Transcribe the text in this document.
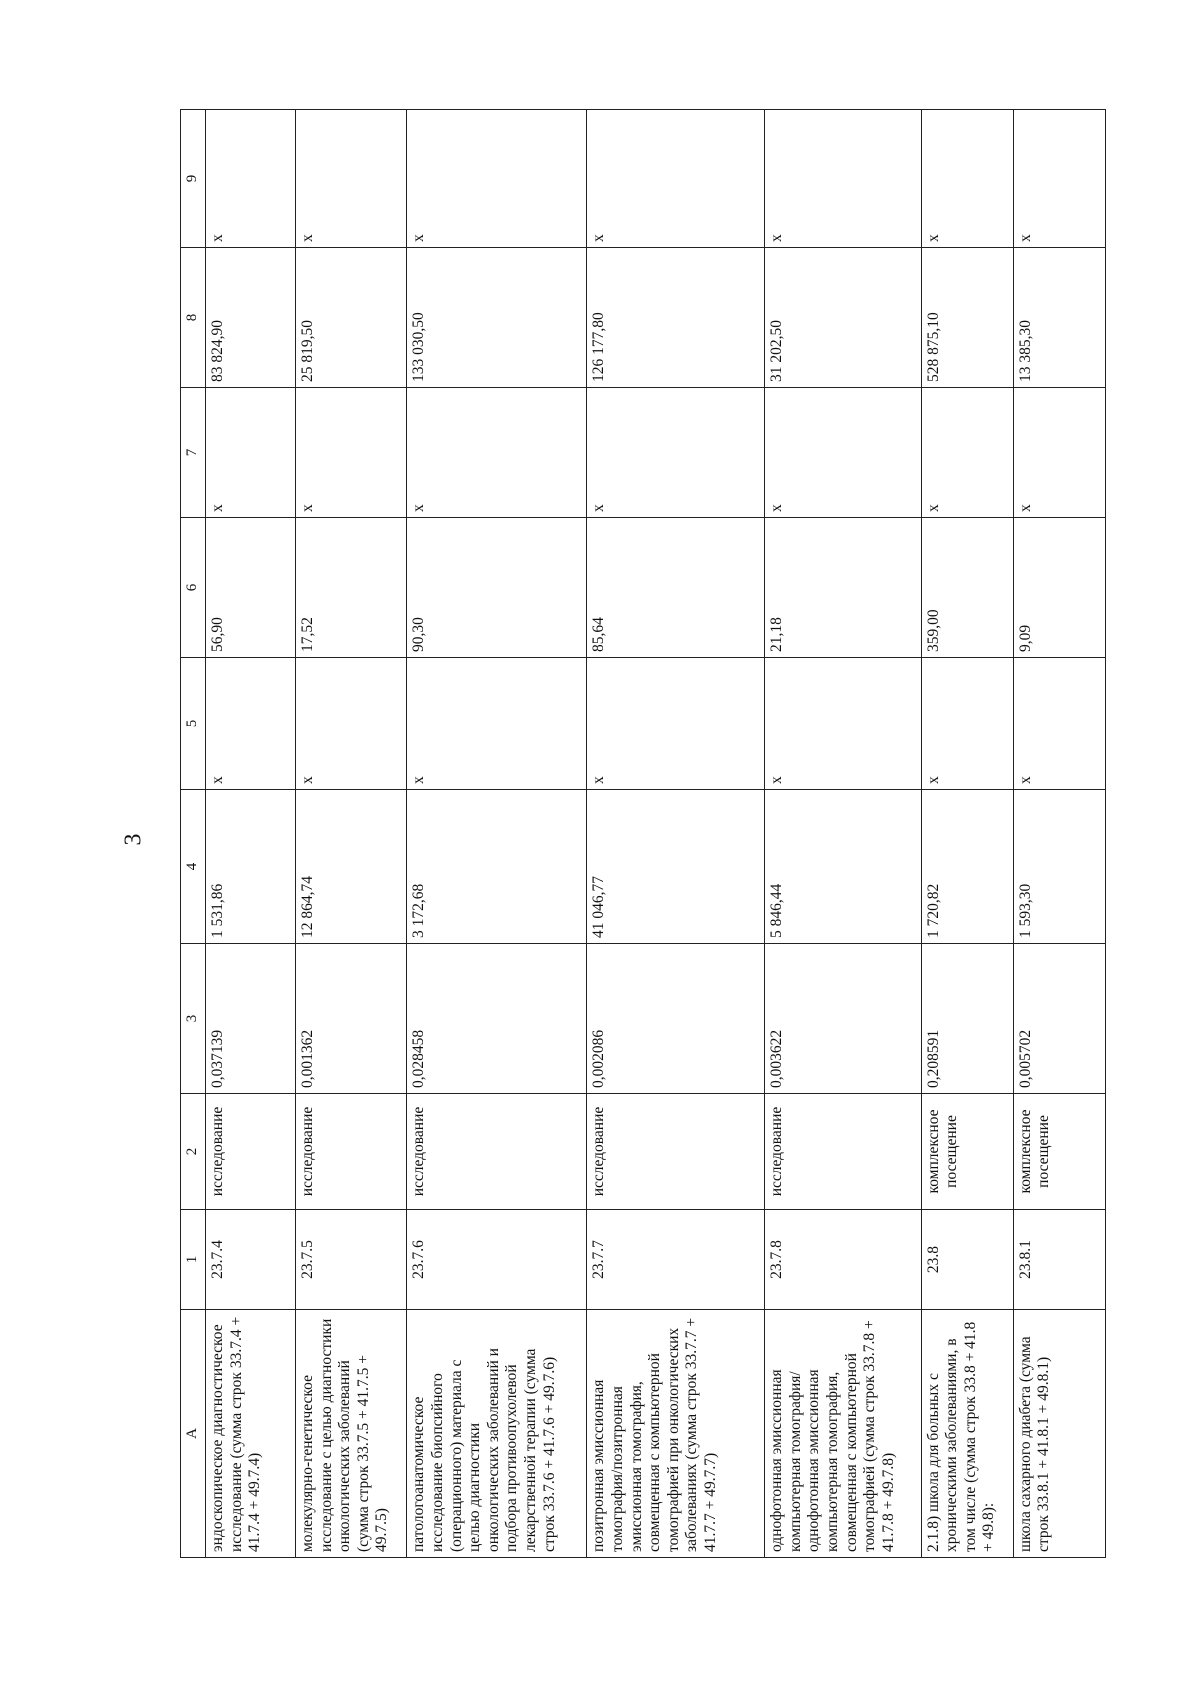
3
A	1	2	3	4	5	6	7	8	9
эндоскопическое диагностическое исследование (сумма строк 33.7.4 + 41.7.4 + 49.7.4)	23.7.4	исследование	0,037139	1 531,86	х	56,90	х	83 824,90	х
молекулярно-генетическое исследование с целью диагностики онкологических заболеваний (сумма строк 33.7.5 + 41.7.5 + 49.7.5)	23.7.5	исследование	0,001362	12 864,74	х	17,52	х	25 819,50	х
патологоанатомическое исследование биопсийного (операционного) материала с целью диагностики онкологических заболеваний и подбора противоопухолевой лекарственной терапии (сумма строк 33.7.6 + 41.7.6 + 49.7.6)	23.7.6	исследование	0,028458	3 172,68	х	90,30	х	133 030,50	х
позитронная эмиссионная томография/позитронная эмиссионная томография, совмещенная с компьютерной томографией при онкологических заболеваниях (сумма строк 33.7.7 + 41.7.7 + 49.7.7)	23.7.7	исследование	0,002086	41 046,77	х	85,64	х	126 177,80	х
однофотонная эмиссионная компьютерная томография/ однофотонная эмиссионная компьютерная томография, совмещенная с компьютерной томографией (сумма строк 33.7.8 + 41.7.8 + 49.7.8)	23.7.8	исследование	0,003622	5 846,44	х	21,18	х	31 202,50	х
2.1.8) школа для больных с хроническими заболеваниями, в том числе (сумма строк 33.8 + 41.8 + 49.8):	23.8	комплексное посещение	0,208591	1 720,82	х	359,00	х	528 875,10	х
школа сахарного диабета (сумма строк 33.8.1 + 41.8.1 + 49.8.1)	23.8.1	комплексное посещение	0,005702	1 593,30	х	9,09	х	13 385,30	х
